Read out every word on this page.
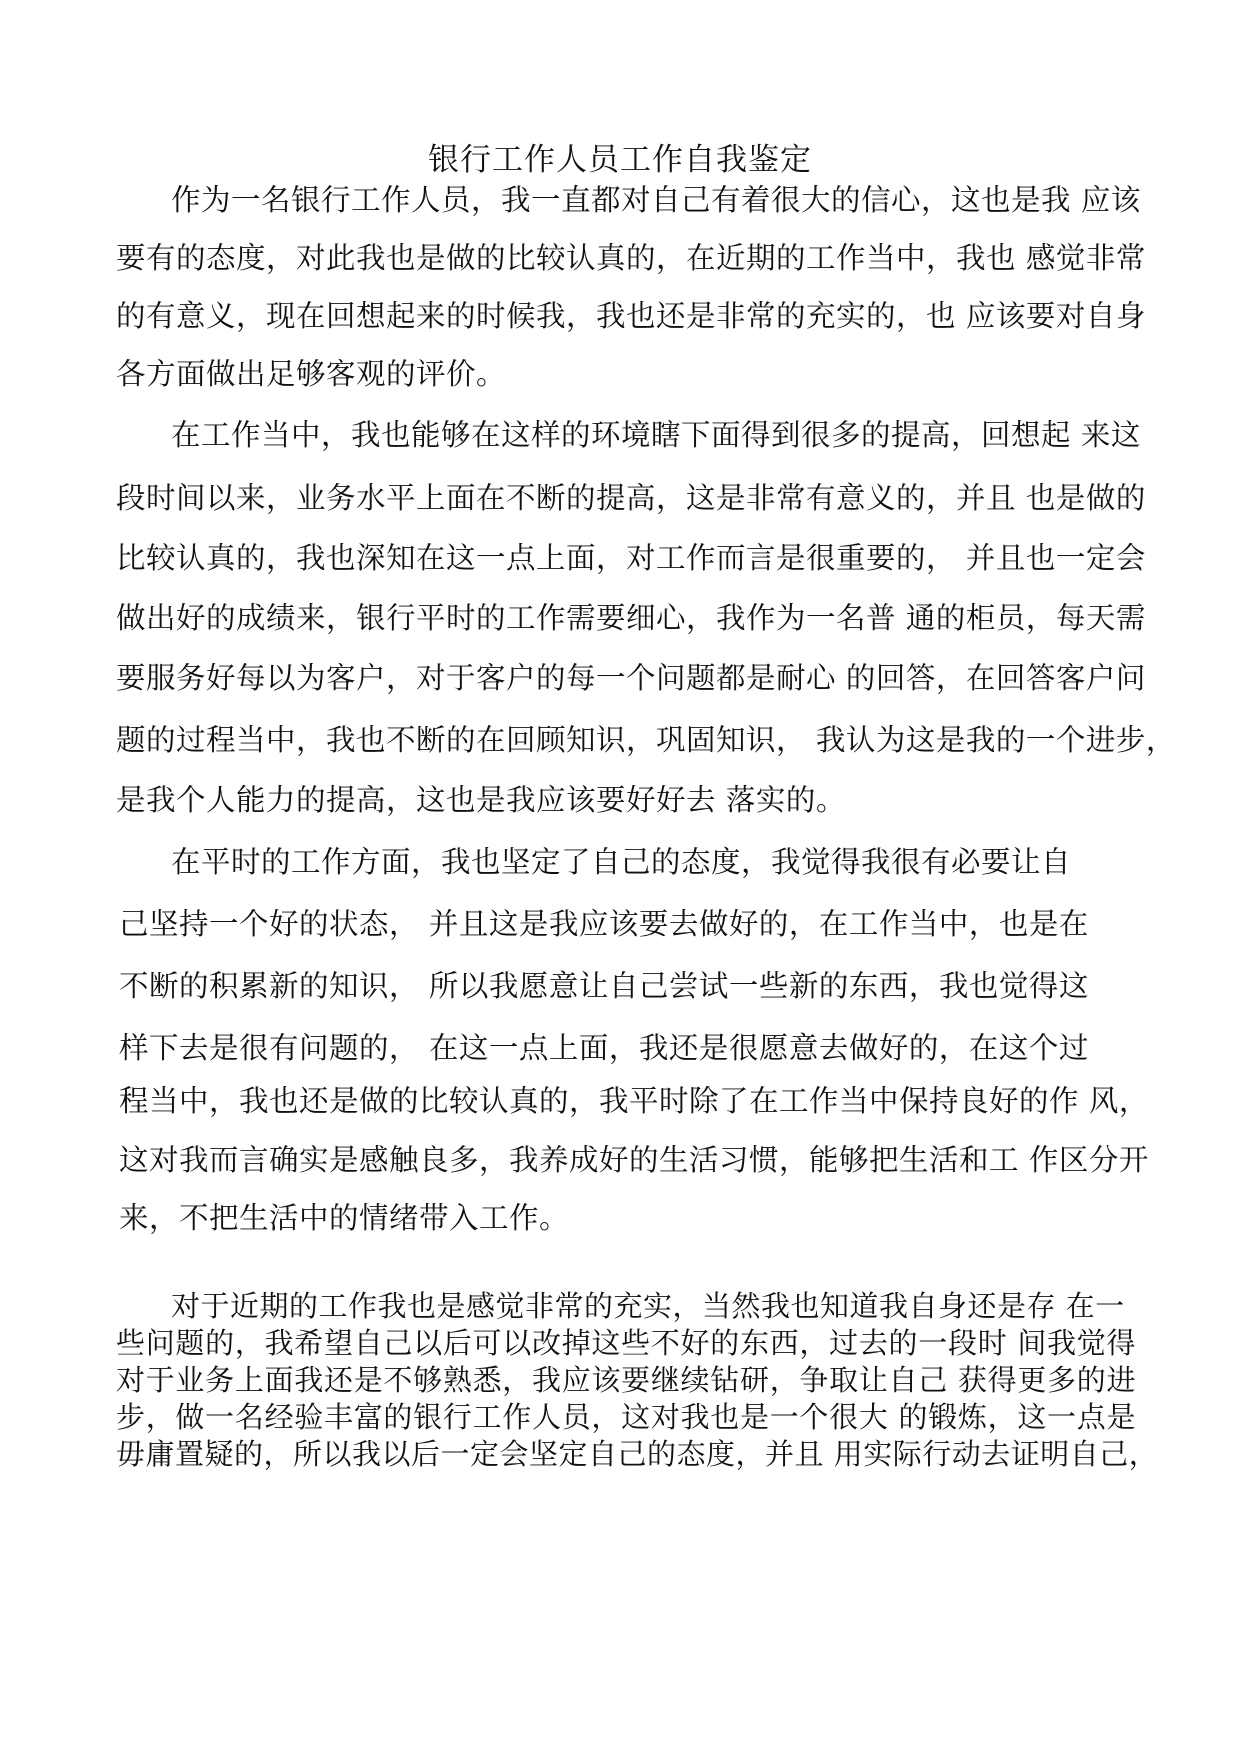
银行工作人员工作自我鉴定
作为一名银行工作人员，我一直都对自己有着很大的信心，这也是我 应该
要有的态度，对此我也是做的比较认真的，在近期的工作当中，我也 感觉非常
的有意义，现在回想起来的时候我，我也还是非常的充实的，也 应该要对自身
各方面做出足够客观的评价。
在工作当中，我也能够在这样的环境瞎下面得到很多的提高，回想起 来这
段时间以来，业务水平上面在不断的提高，这是非常有意义的，并且 也是做的
比较认真的，我也深知在这一点上面，对工作而言是很重要的， 并且也一定会
做出好的成绩来，银行平时的工作需要细心，我作为一名普 通的柜员，每天需
要服务好每以为客户，对于客户的每一个问题都是耐心 的回答，在回答客户问
题的过程当中，我也不断的在回顾知识，巩固知识， 我认为这是我的一个进步，
是我个人能力的提高，这也是我应该要好好去 落实的。
在平时的工作方面，我也坚定了自己的态度，我觉得我很有必要让自
己坚持一个好的状态， 并且这是我应该要去做好的，在工作当中，也是在
不断的积累新的知识， 所以我愿意让自己尝试一些新的东西，我也觉得这
样下去是很有问题的， 在这一点上面，我还是很愿意去做好的，在这个过
程当中，我也还是做的比较认真的，我平时除了在工作当中保持良好的作 风，
这对我而言确实是感触良多，我养成好的生活习惯，能够把生活和工 作区分开
来，不把生活中的情绪带入工作。
对于近期的工作我也是感觉非常的充实，当然我也知道我自身还是存 在一
些问题的，我希望自己以后可以改掉这些不好的东西，过去的一段时 间我觉得
对于业务上面我还是不够熟悉，我应该要继续钻研，争取让自己 获得更多的进
步，做一名经验丰富的银行工作人员，这对我也是一个很大 的锻炼，这一点是
毋庸置疑的，所以我以后一定会坚定自己的态度，并且 用实际行动去证明自己，
